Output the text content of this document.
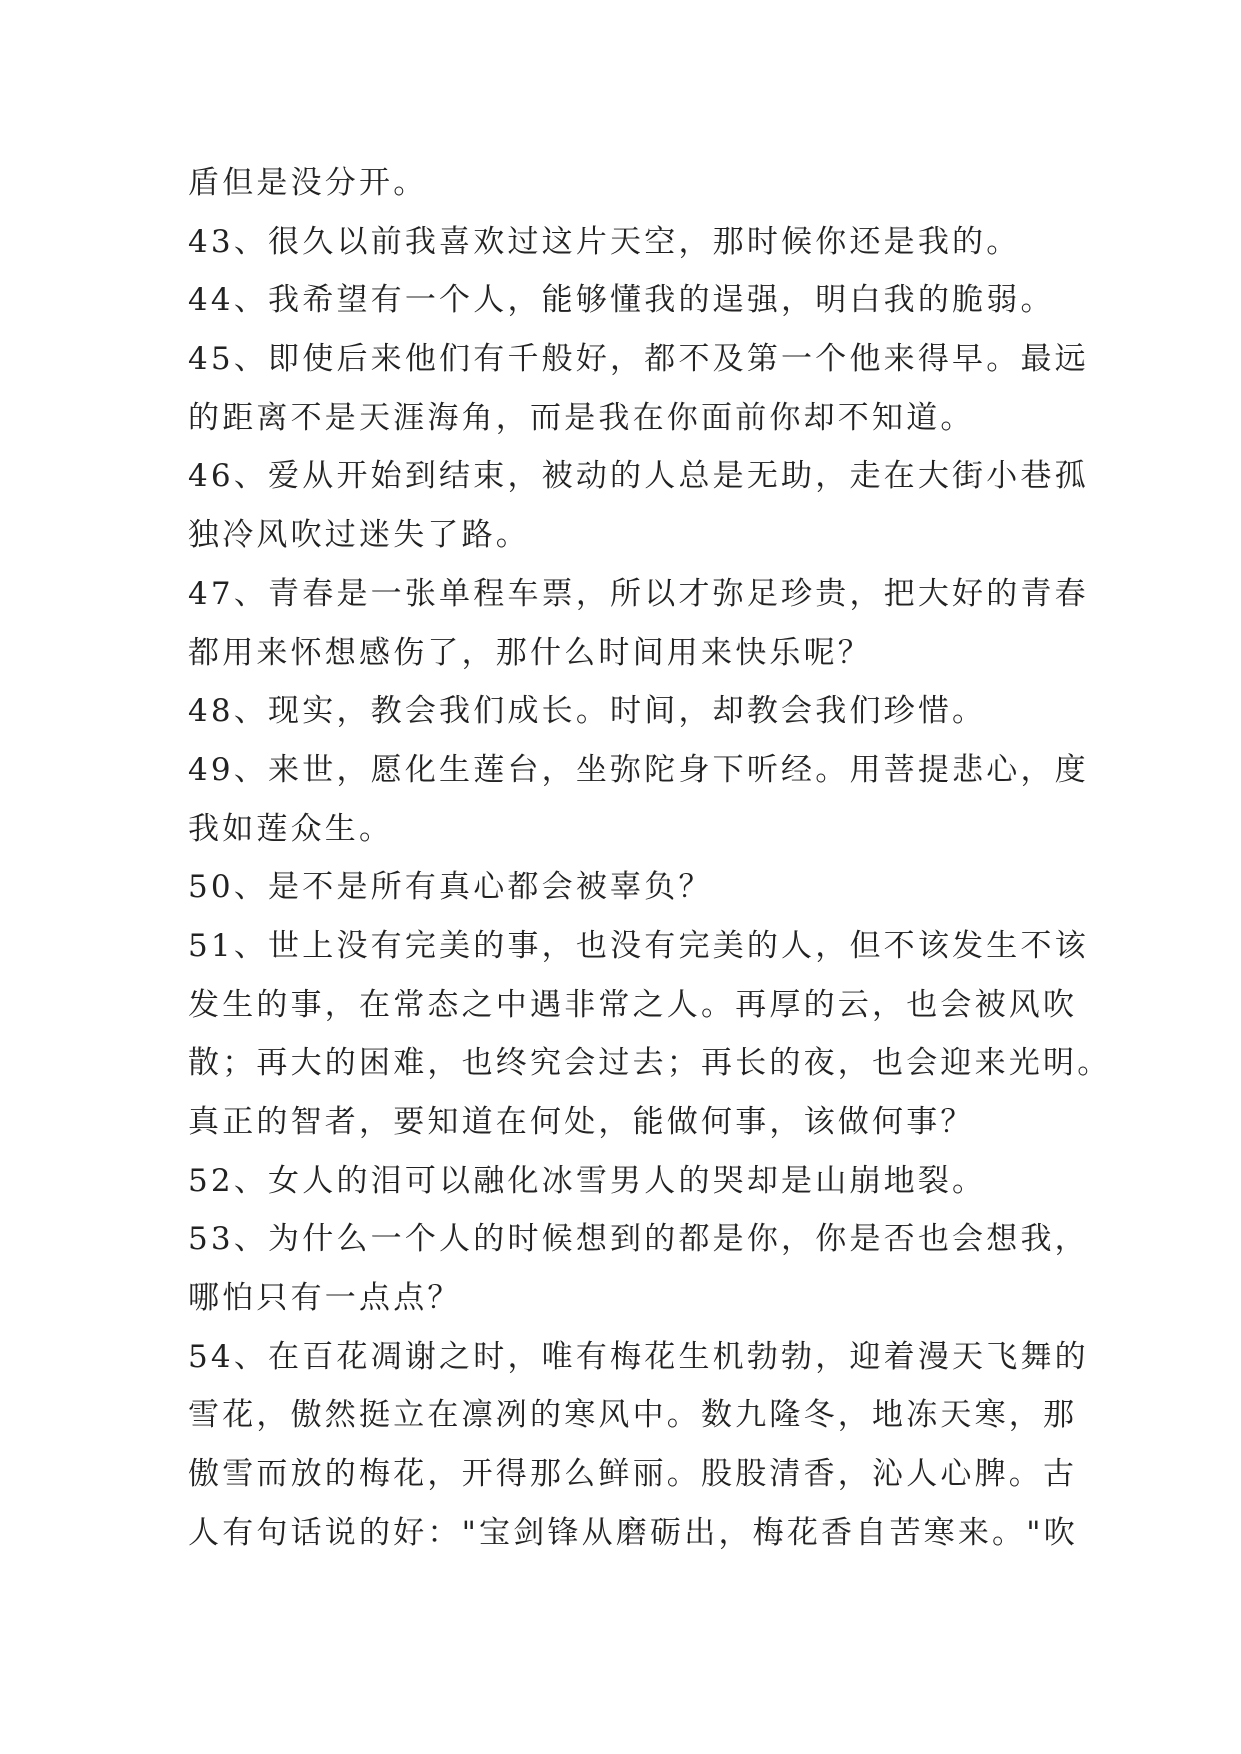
盾但是没分开。
43、很久以前我喜欢过这片天空，那时候你还是我的。
44、我希望有一个人，能够懂我的逞强，明白我的脆弱。
45、即使后来他们有千般好，都不及第一个他来得早。最远
的距离不是天涯海角，而是我在你面前你却不知道。
46、爱从开始到结束，被动的人总是无助，走在大街小巷孤
独冷风吹过迷失了路。
47、青春是一张单程车票，所以才弥足珍贵，把大好的青春
都用来怀想感伤了，那什么时间用来快乐呢？
48、现实，教会我们成长。时间，却教会我们珍惜。
49、来世，愿化生莲台，坐弥陀身下听经。用菩提悲心，度
我如莲众生。
50、是不是所有真心都会被辜负？
51、世上没有完美的事，也没有完美的人，但不该发生不该
发生的事，在常态之中遇非常之人。再厚的云，也会被风吹
散；再大的困难，也终究会过去；再长的夜，也会迎来光明。
真正的智者，要知道在何处，能做何事，该做何事？
52、女人的泪可以融化冰雪男人的哭却是山崩地裂。
53、为什么一个人的时候想到的都是你，你是否也会想我，
哪怕只有一点点？
54、在百花凋谢之时，唯有梅花生机勃勃，迎着漫天飞舞的
雪花，傲然挺立在凛冽的寒风中。数九隆冬，地冻天寒，那
傲雪而放的梅花，开得那么鲜丽。股股清香，沁人心脾。古
人有句话说的好："宝剑锋从磨砺出，梅花香自苦寒来。"吹
